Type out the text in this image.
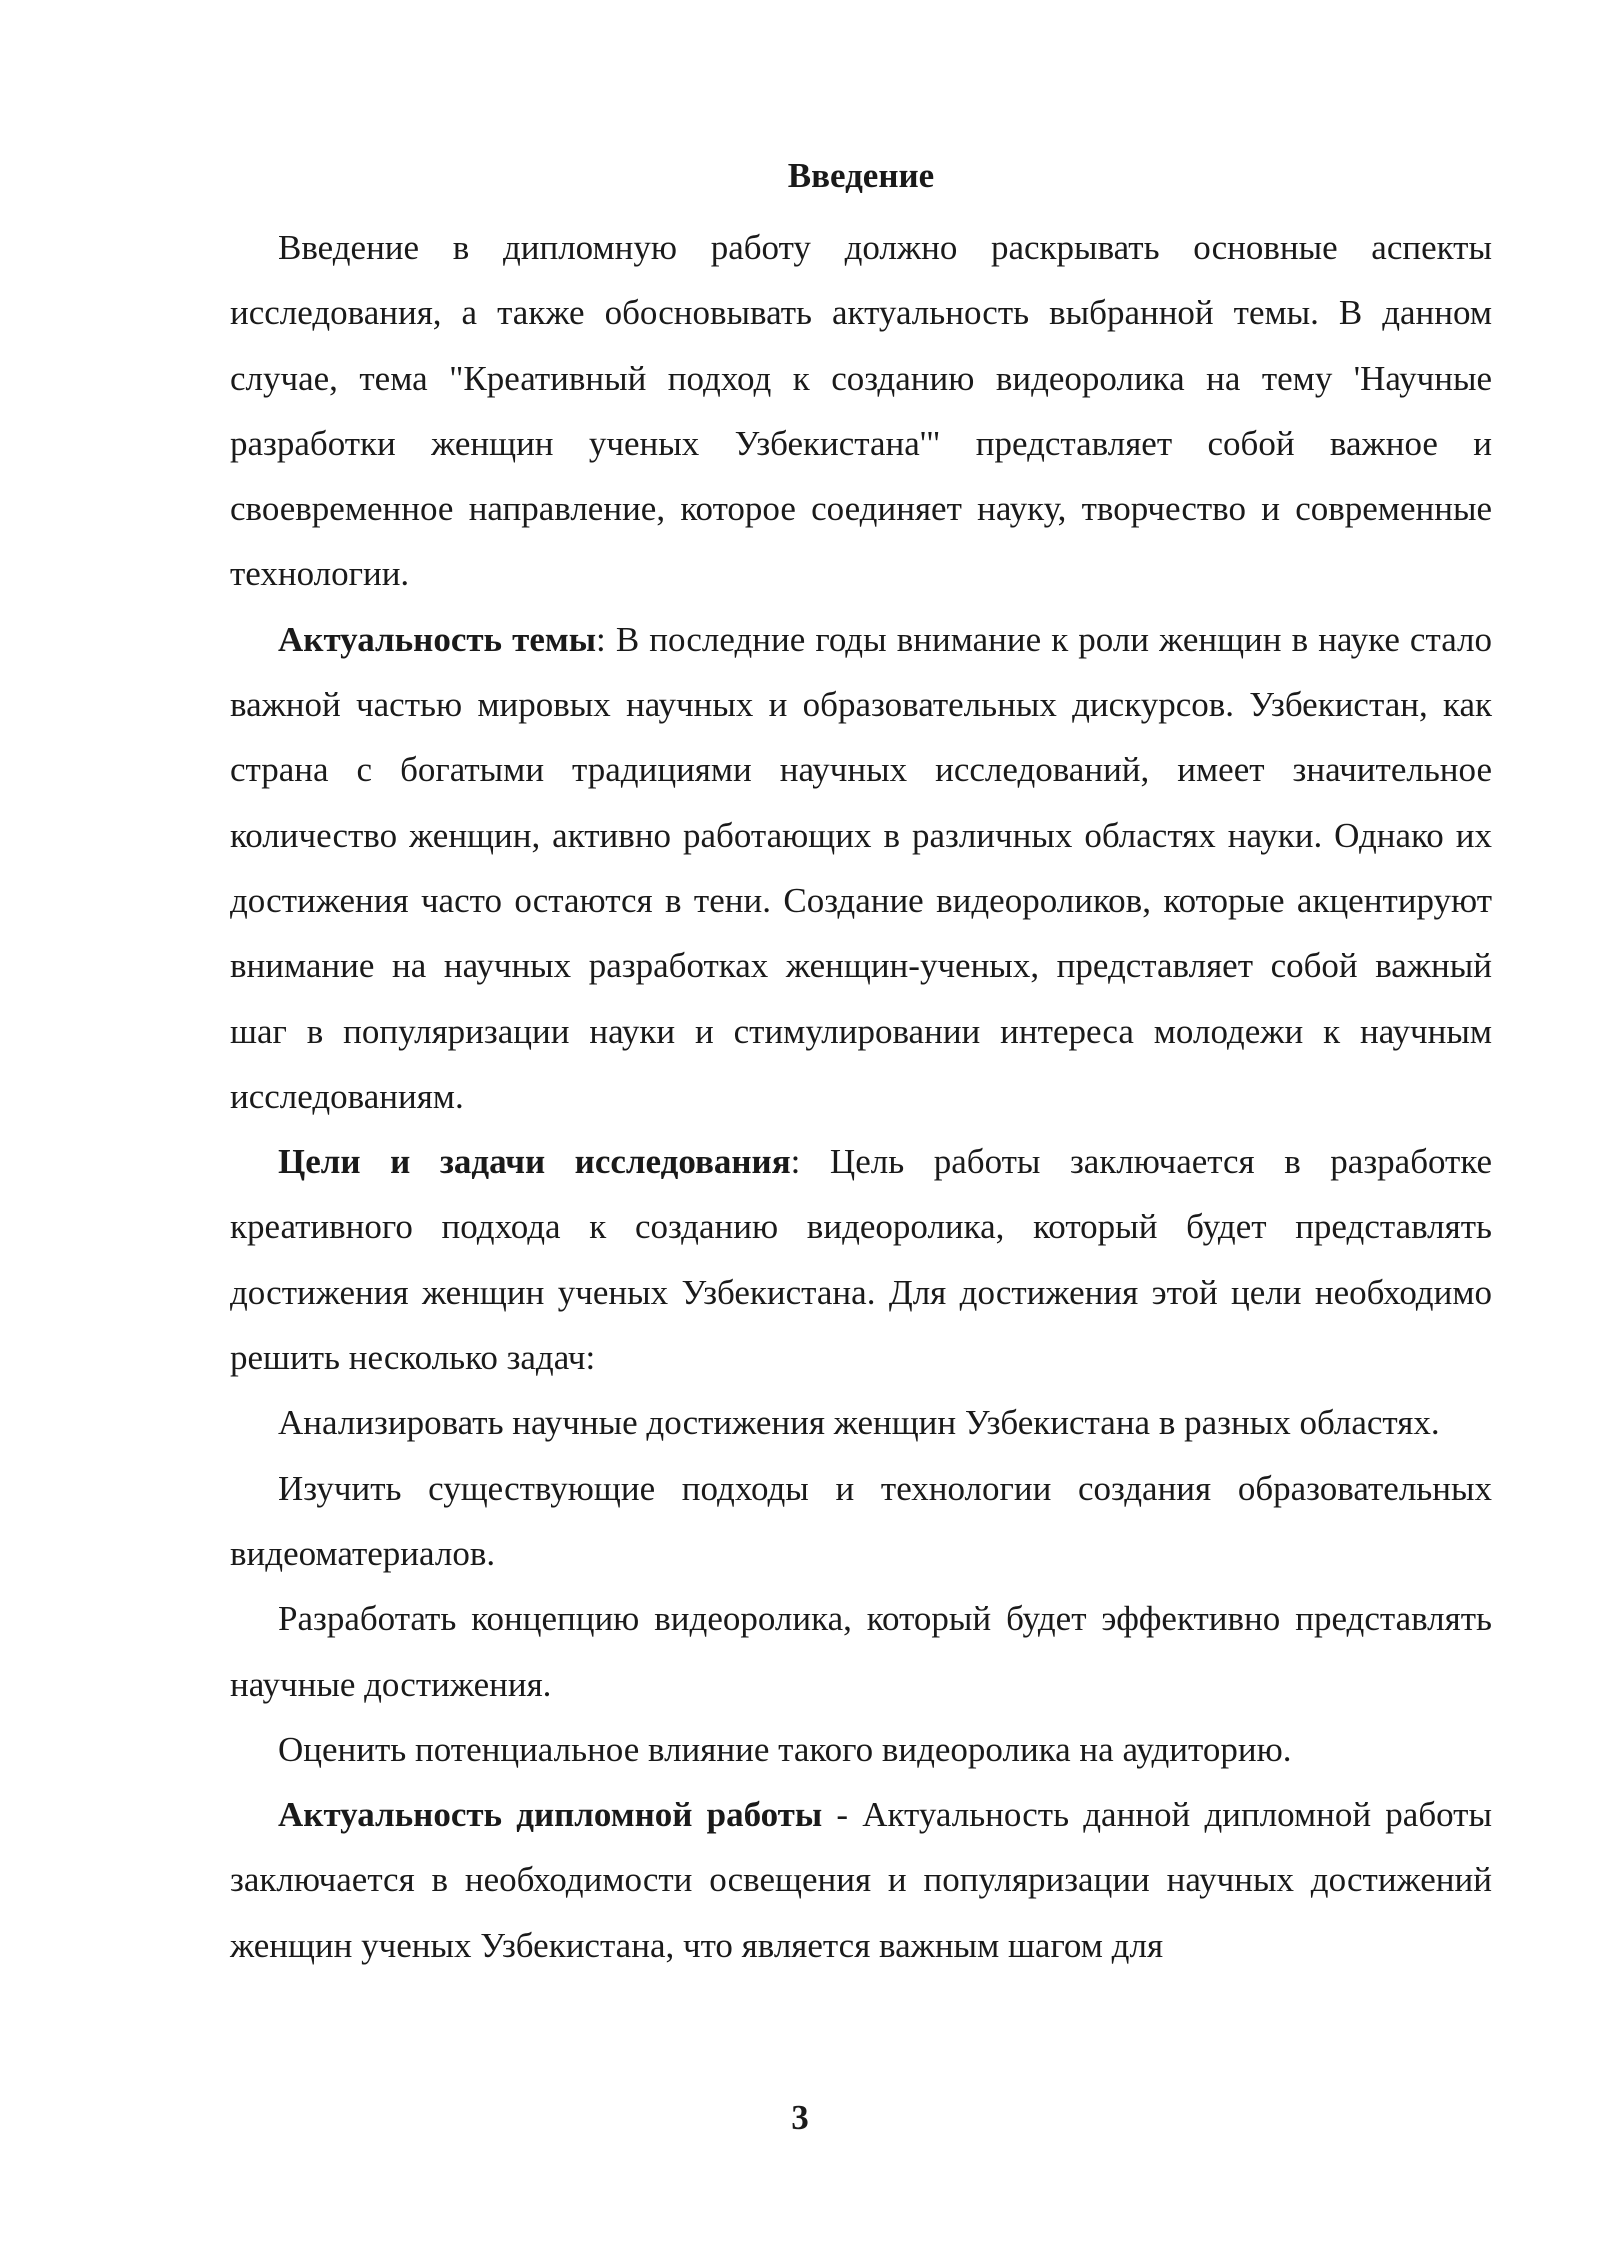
Введение

Введение в дипломную работу должно раскрывать основные аспекты исследования, а также обосновывать актуальность выбранной темы. В данном случае, тема "Креативный подход к созданию видеоролика на тему 'Научные разработки женщин ученых Узбекистана'" представляет собой важное и своевременное направление, которое соединяет науку, творчество и современные технологии.

Актуальность темы: В последние годы внимание к роли женщин в науке стало важной частью мировых научных и образовательных дискурсов. Узбекистан, как страна с богатыми традициями научных исследований, имеет значительное количество женщин, активно работающих в различных областях науки. Однако их достижения часто остаются в тени. Создание видеороликов, которые акцентируют внимание на научных разработках женщин-ученых, представляет собой важный шаг в популяризации науки и стимулировании интереса молодежи к научным исследованиям.

Цели и задачи исследования: Цель работы заключается в разработке креативного подхода к созданию видеоролика, который будет представлять достижения женщин ученых Узбекистана. Для достижения этой цели необходимо решить несколько задач:

Анализировать научные достижения женщин Узбекистана в разных областях.

Изучить существующие подходы и технологии создания образовательных видеоматериалов.

Разработать концепцию видеоролика, который будет эффективно представлять научные достижения.

Оценить потенциальное влияние такого видеоролика на аудиторию.

Актуальность дипломной работы - Актуальность данной дипломной работы заключается в необходимости освещения и популяризации научных достижений женщин ученых Узбекистана, что является важным шагом для

3
